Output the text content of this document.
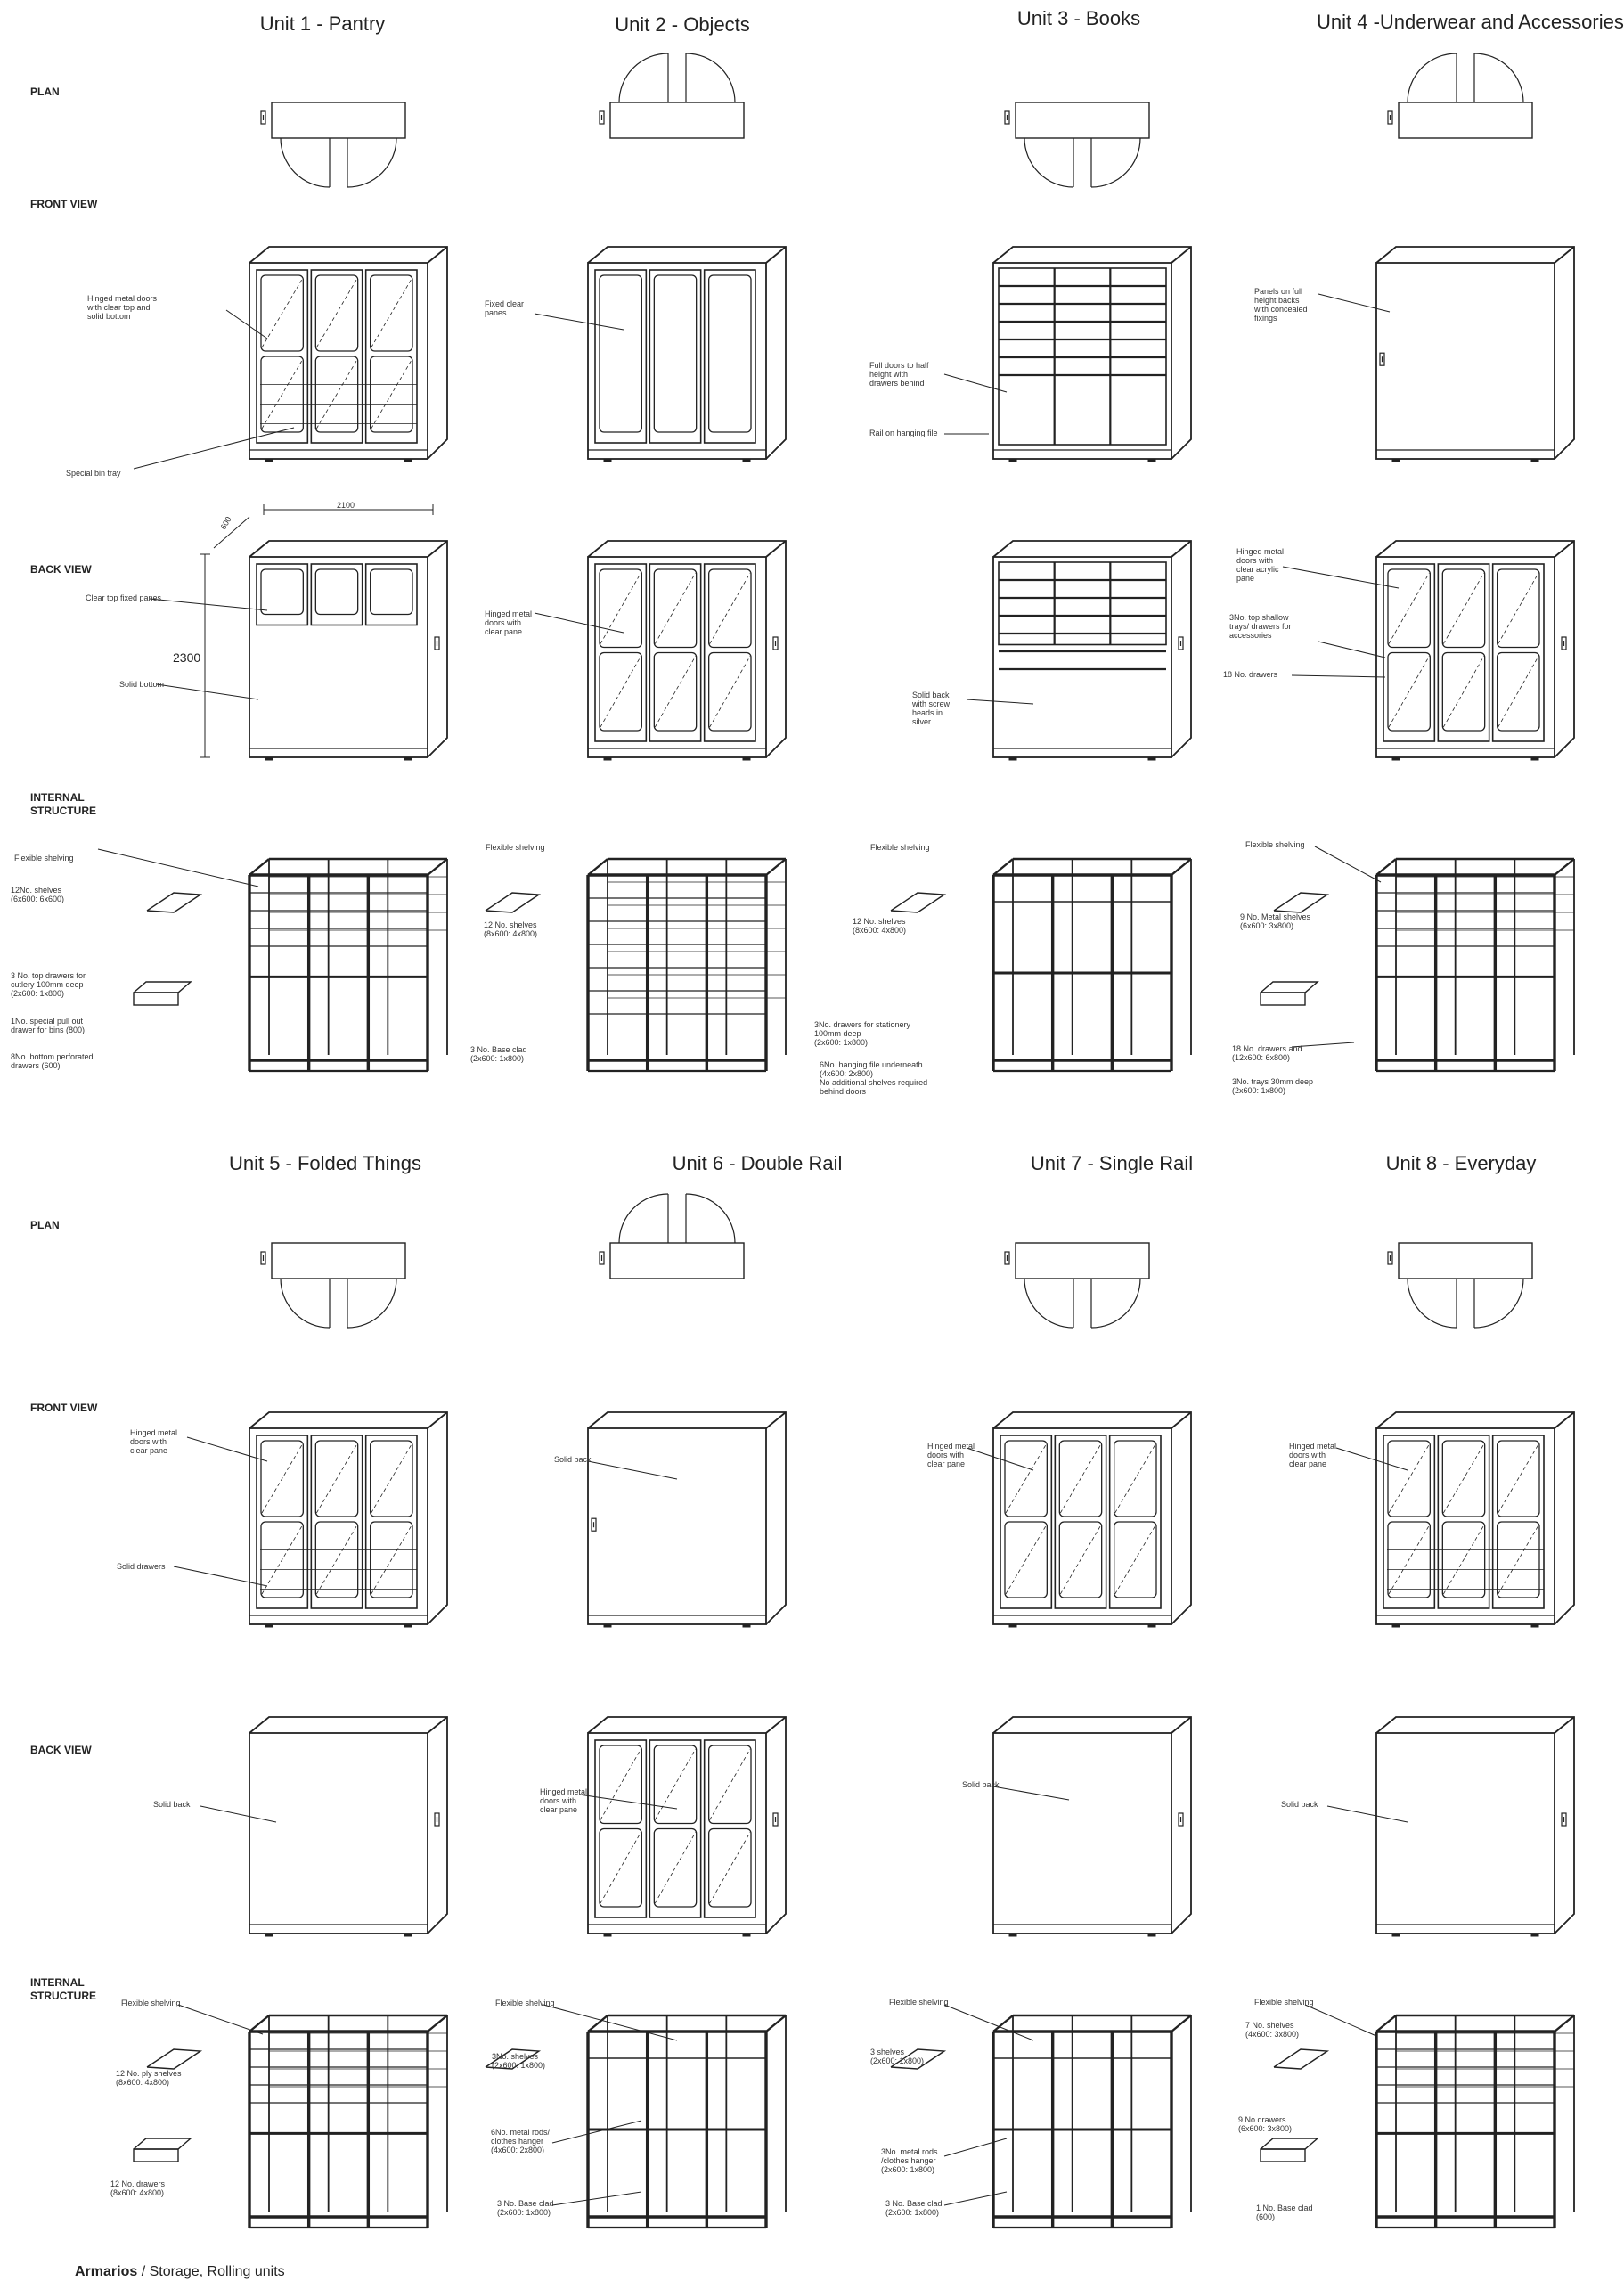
Unit 1 - Pantry	Unit 2 - Objects	Unit 3 - Books	Unit 4 -Underwear and Accessories
Unit 5 - Folded Things	Unit 6 - Double Rail	Unit 7 - Single Rail	Unit 8 - Everyday
PLAN
FRONT VIEW
BACK VIEW
INTERNAL
STRUCTURE
PLAN
FRONT VIEW
BACK VIEW
INTERNAL
STRUCTURE
2100
600
2300
Hinged metal doors
with clear top and
solid bottom
Special bin tray
Clear top fixed panes
Solid bottom
Flexible shelving
12No. shelves
(6x600: 6x600)
3 No. top drawers for
cutlery 100mm deep
(2x600: 1x800)
1No. special pull out
drawer for bins (800)
8No. bottom perforated
drawers (600)
Fixed clear
panes
Hinged metal
doors with
clear pane
Flexible shelving
12 No. shelves
(8x600: 4x800)
3 No. Base clad
(2x600: 1x800)
Full doors to half
height with
drawers behind
Rail on hanging file
Solid back
with screw
heads in
silver
Flexible shelving
12 No. shelves
(8x600: 4x800)
3No. drawers for stationery
100mm deep
(2x600: 1x800)
6No. hanging file underneath
(4x600: 2x800)
No additional shelves required
behind doors
Panels on full
height backs
with concealed
fixings
Hinged metal
doors with
clear acrylic
pane
3No. top shallow
trays/ drawers for
accessories
18 No. drawers
Flexible shelving
9 No. Metal shelves
(6x600: 3x800)
18 No. drawers and
(12x600: 6x800)
3No. trays 30mm deep
(2x600: 1x800)
Hinged metal
doors with
clear pane
Solid drawers
Solid back
Flexible shelving
12 No. ply shelves
(8x600: 4x800)
12 No. drawers
(8x600: 4x800)
Solid back
Hinged metal
doors with
clear pane
Flexible shelving
3No. shelves
(2x600: 1x800)
6No. metal rods/
clothes hanger
(4x600: 2x800)
3 No. Base clad
(2x600: 1x800)
Hinged metal
doors with
clear pane
Solid back
Flexible shelving
3 shelves
(2x600: 1x800)
3No. metal rods
/clothes hanger
(2x600: 1x800)
3 No. Base clad
(2x600: 1x800)
Hinged metal
doors with
clear pane
Solid back
Flexible shelving
7 No. shelves
(4x600: 3x800)
9 No.drawers
(6x600: 3x800)
1 No. Base clad
(600)
Armarios / Storage, Rolling units
